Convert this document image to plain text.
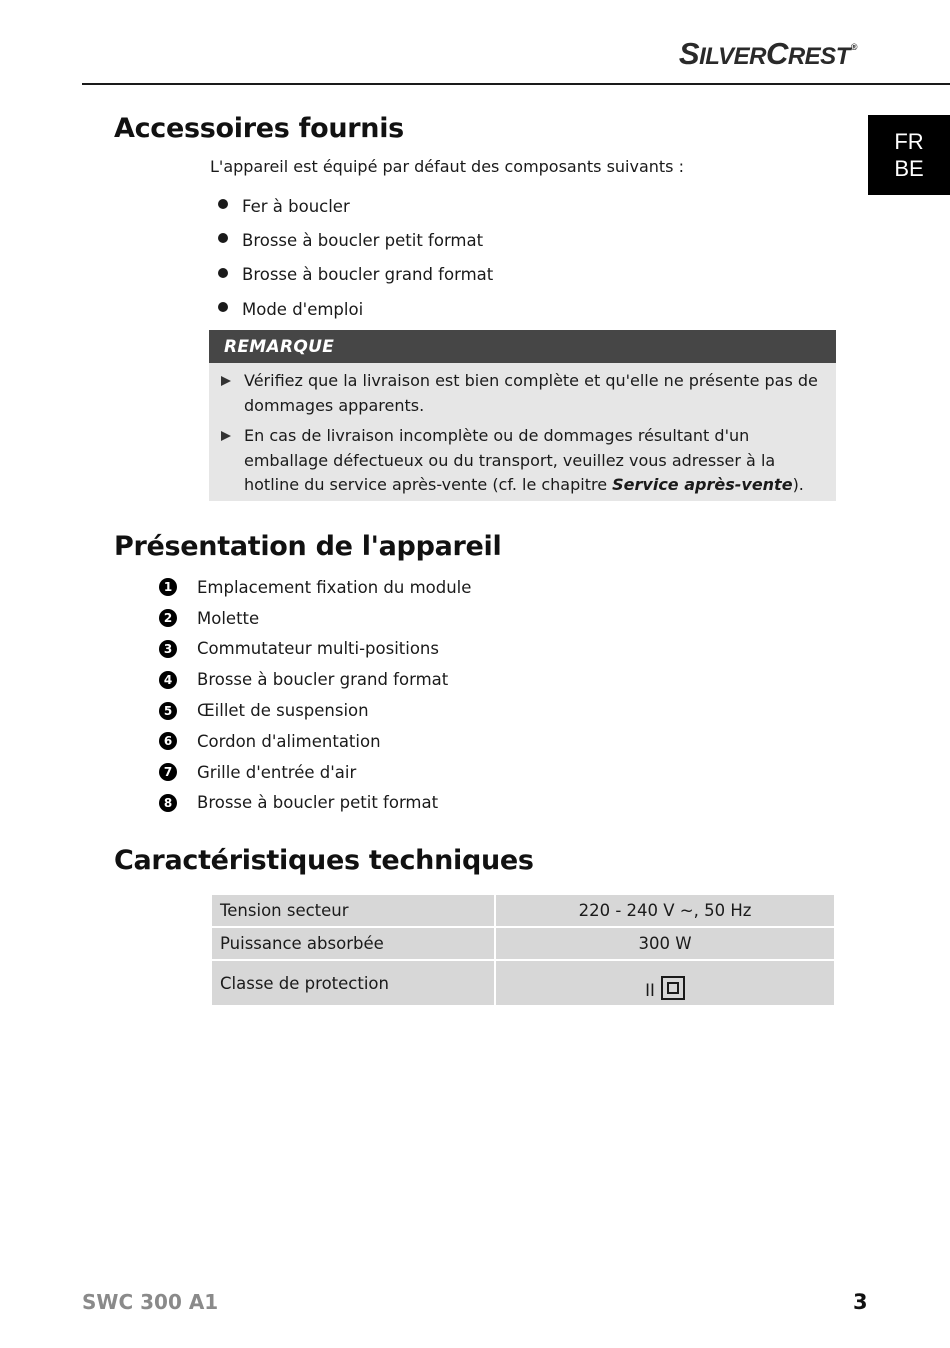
SILVERCREST®
FR
BE
Accessoires fournis
L'appareil est équipé par défaut des composants suivants :
Fer à boucler
Brosse à boucler petit format
Brosse à boucler grand format
Mode d'emploi
REMARQUE
Vérifiez que la livraison est bien complète et qu'elle ne présente pas de dommages apparents.
En cas de livraison incomplète ou de dommages résultant d'un emballage défectueux ou du transport, veuillez vous adresser à la hotline du service après-vente (cf. le chapitre Service après-vente).
Présentation de l'appareil
1 Emplacement fixation du module
2 Molette
3 Commutateur multi-positions
4 Brosse à boucler grand format
5 Œillet de suspension
6 Cordon d'alimentation
7 Grille d'entrée d'air
8 Brosse à boucler petit format
Caractéristiques techniques
Tension secteur	220 - 240 V ~, 50 Hz
Puissance absorbée	300 W
Classe de protection	II
SWC 300 A1	3
